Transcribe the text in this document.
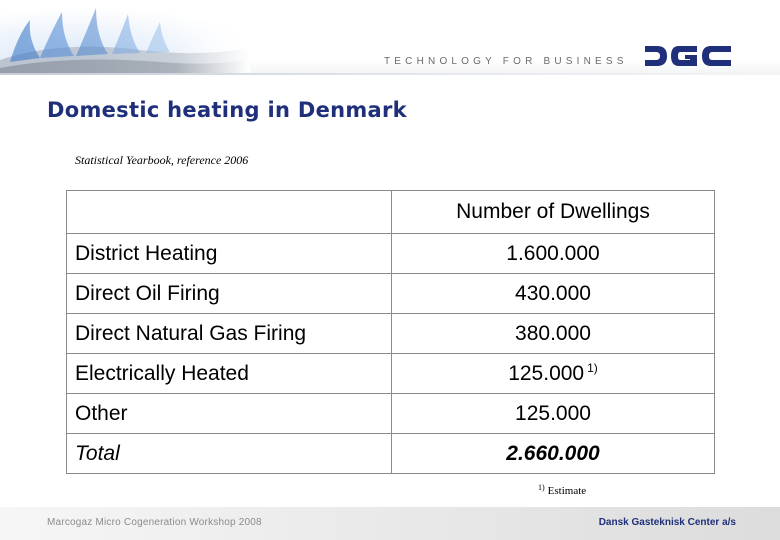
TECHNOLOGY FOR BUSINESS
Domestic heating in Denmark
Statistical Yearbook, reference 2006
	Number of Dwellings
District Heating	1.600.000
Direct Oil Firing	430.000
Direct Natural Gas Firing	380.000
Electrically Heated	125.000 $^{1)}$
Other	125.000
Total	2.660.000
$^{1)}$ Estimate
Marcogaz Micro Cogeneration Workshop 2008	Dansk Gasteknisk Center a/s
